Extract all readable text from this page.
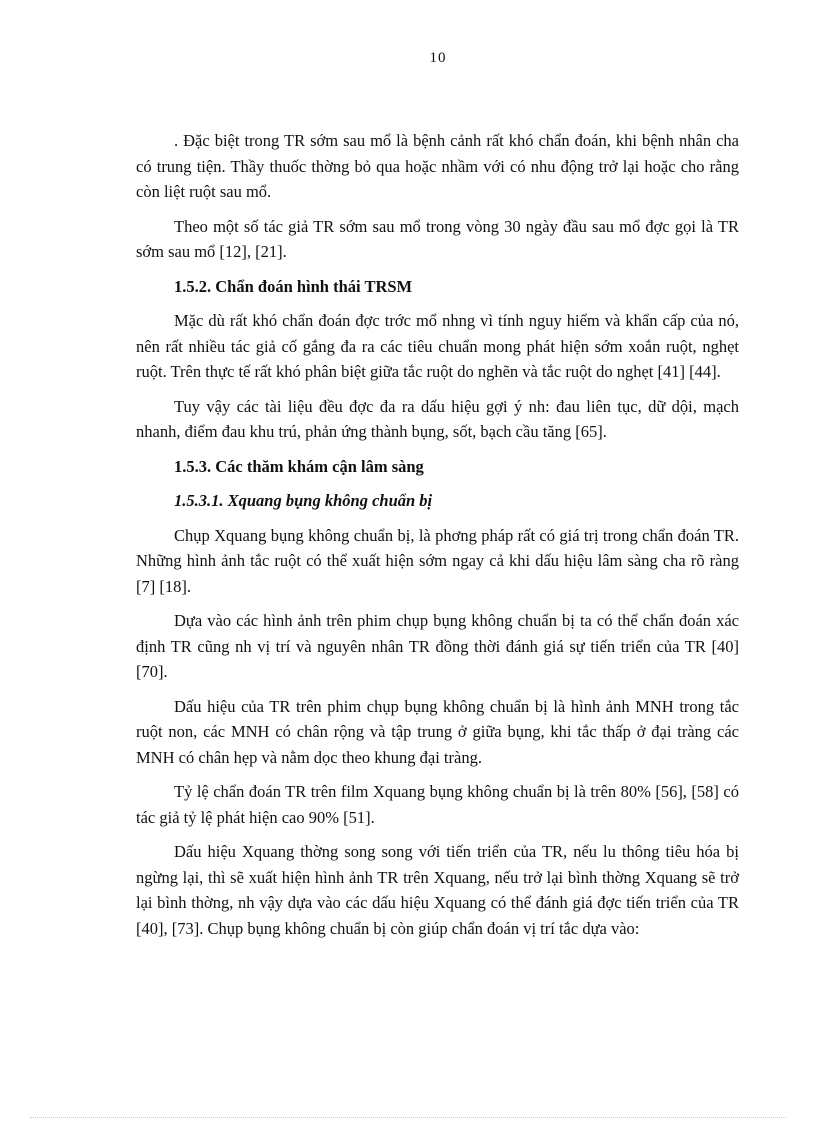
10

. Đặc biệt trong TR sớm sau mổ là bệnh cảnh rất khó chẩn đoán, khi bệnh nhân cha có trung tiện. Thầy thuốc thờng bỏ qua hoặc nhầm với có nhu động trở lại hoặc cho rằng còn liệt ruột sau mổ.

Theo một số tác giả TR sớm sau mổ trong vòng 30 ngày đầu sau mổ đợc gọi là TR sớm sau mổ [12], [21].

1.5.2. Chẩn đoán hình thái TRSM

Mặc dù rất khó chẩn đoán đợc trớc mổ nhng vì tính nguy hiểm và khẩn cấp của nó, nên rất nhiều tác giả cố gắng đa ra các tiêu chuẩn mong phát hiện sớm xoắn ruột, nghẹt ruột. Trên thực tế rất khó phân biệt giữa tắc ruột do nghẽn và tắc ruột do nghẹt [41] [44].

Tuy vậy các tài liệu đều đợc đa ra dấu hiệu gợi ý nh: đau liên tục, dữ dội, mạch nhanh, điểm đau khu trú, phản ứng thành bụng, sốt, bạch cầu tăng [65].

1.5.3. Các thăm khám cận lâm sàng

1.5.3.1. Xquang bụng không chuẩn bị

Chụp Xquang bụng không chuẩn bị, là phơng pháp rất có giá trị trong chẩn đoán TR. Những hình ảnh tắc ruột có thể xuất hiện sớm ngay cả khi dấu hiệu lâm sàng cha rõ ràng [7] [18].

Dựa vào các hình ảnh trên phim chụp bụng không chuẩn bị ta có thể chẩn đoán xác định TR cũng nh vị trí và nguyên nhân TR đồng thời đánh giá sự tiến triển của TR [40] [70].

Dấu hiệu của TR trên phim chụp bụng không chuẩn bị là hình ảnh MNH trong tắc ruột non, các MNH có chân rộng và tập trung ở giữa bụng, khi tắc thấp ở đại tràng các MNH có chân hẹp và nằm dọc theo khung đại tràng.

Tỷ lệ chẩn đoán TR trên film Xquang bụng không chuẩn bị là trên 80% [56], [58] có tác giả tỷ lệ phát hiện cao 90% [51].

Dấu hiệu Xquang thờng song song với tiến triển của TR, nếu lu thông tiêu hóa bị ngừng lại, thì sẽ xuất hiện hình ảnh TR trên Xquang, nếu trở lại bình thờng Xquang sẽ trở lại bình thờng, nh vậy dựa vào các dấu hiệu Xquang có thể đánh giá đợc tiến triển của TR [40], [73]. Chụp bụng không chuẩn bị còn giúp chẩn đoán vị trí tắc dựa vào:
